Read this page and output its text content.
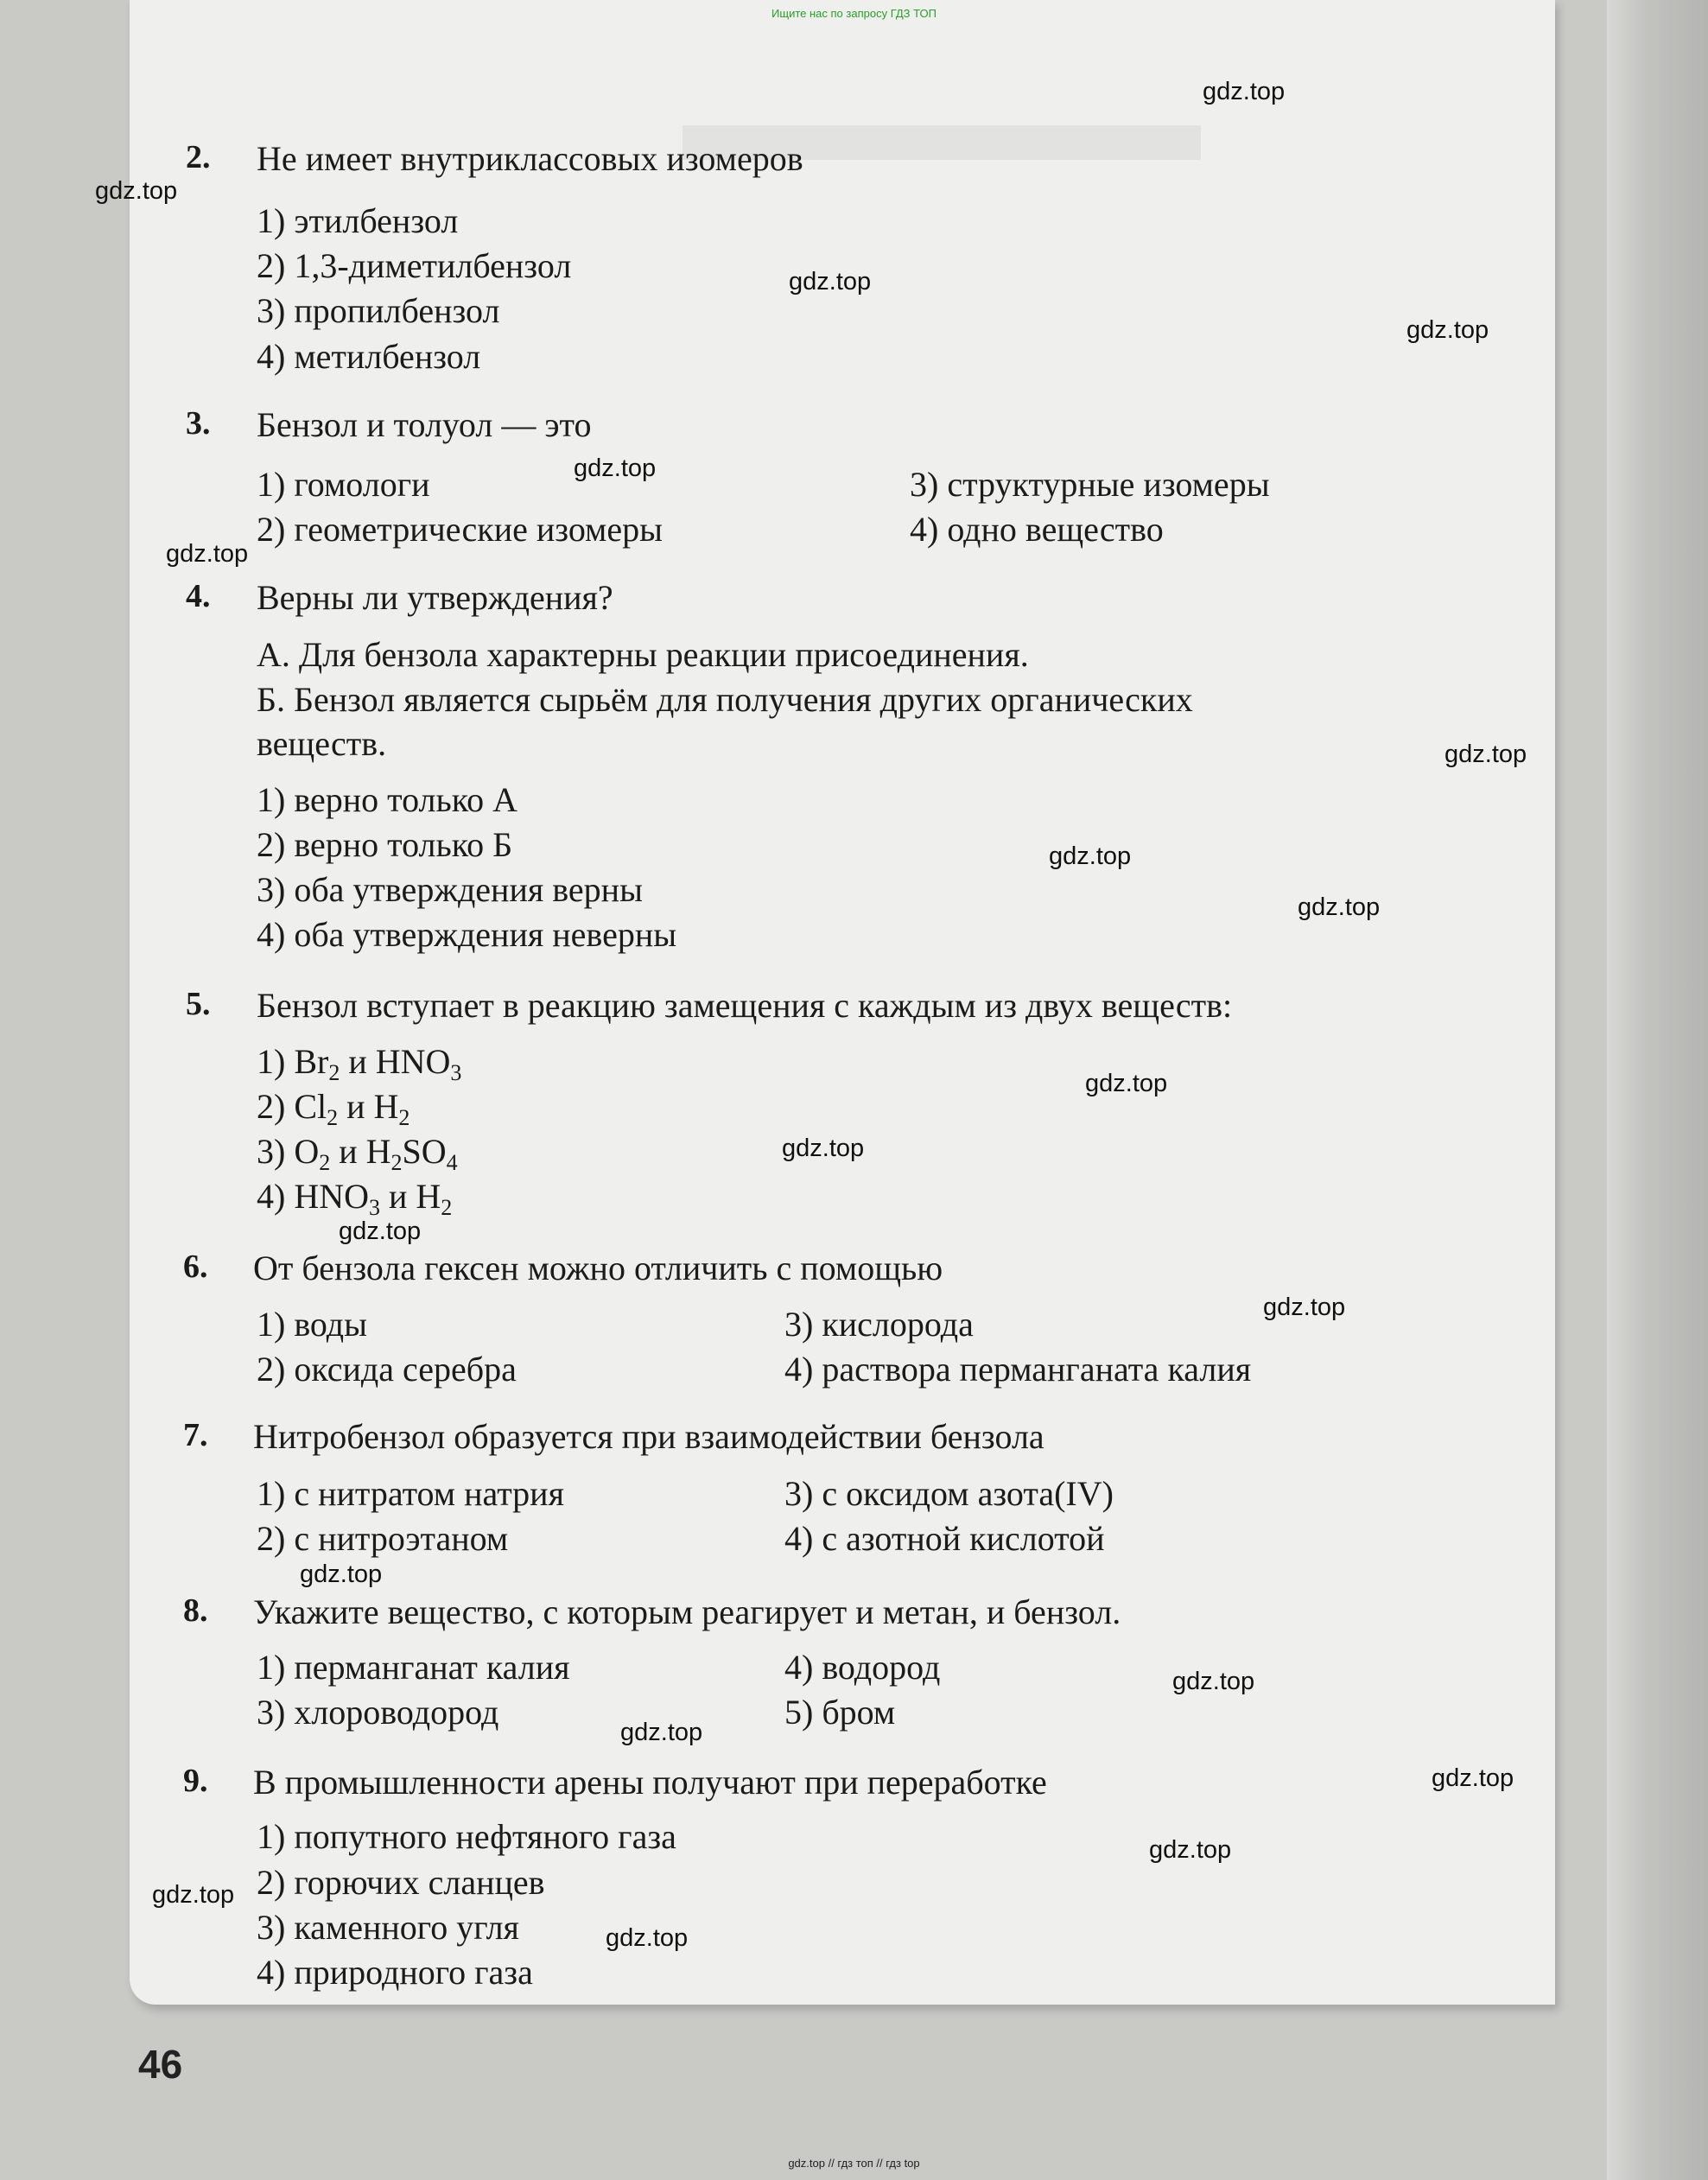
Ищите нас по запросу ГДЗ ТОП
2. Не имеет внутриклассовых изомеров
1) этилбензол
2) 1,3-диметилбензол
3) пропилбензол
4) метилбензол
3. Бензол и толуол — это
1) гомологи	3) структурные изомеры
2) геометрические изомеры	4) одно вещество
4. Верны ли утверждения?
А. Для бензола характерны реакции присоединения.
Б. Бензол является сырьём для получения других органических
веществ.
1) верно только А
2) верно только Б
3) оба утверждения верны
4) оба утверждения неверны
5. Бензол вступает в реакцию замещения с каждым из двух веществ:
1) $Br_2$ и $HNO_3$
2) $Cl_2$ и $H_2$
3) $O_2$ и $H_2SO_4$
4) $HNO_3$ и $H_2$
6. От бензола гексен можно отличить с помощью
1) воды	3) кислорода
2) оксида серебра	4) раствора перманганата калия
7. Нитробензол образуется при взаимодействии бензола
1) с нитратом натрия	3) с оксидом азота(IV)
2) с нитроэтаном	4) с азотной кислотой
8. Укажите вещество, с которым реагирует и метан, и бензол.
1) перманганат калия	4) водород
3) хлороводород	5) бром
9. В промышленности арены получают при переработке
1) попутного нефтяного газа
2) горючих сланцев
3) каменного угля
4) природного газа
gdz.top
gdz.top
gdz.top
gdz.top
gdz.top
gdz.top
gdz.top
gdz.top
gdz.top
gdz.top
gdz.top
gdz.top
gdz.top
gdz.top
gdz.top
gdz.top
gdz.top
gdz.top
gdz.top
gdz.top
46
gdz.top // гдз топ // гдз top
